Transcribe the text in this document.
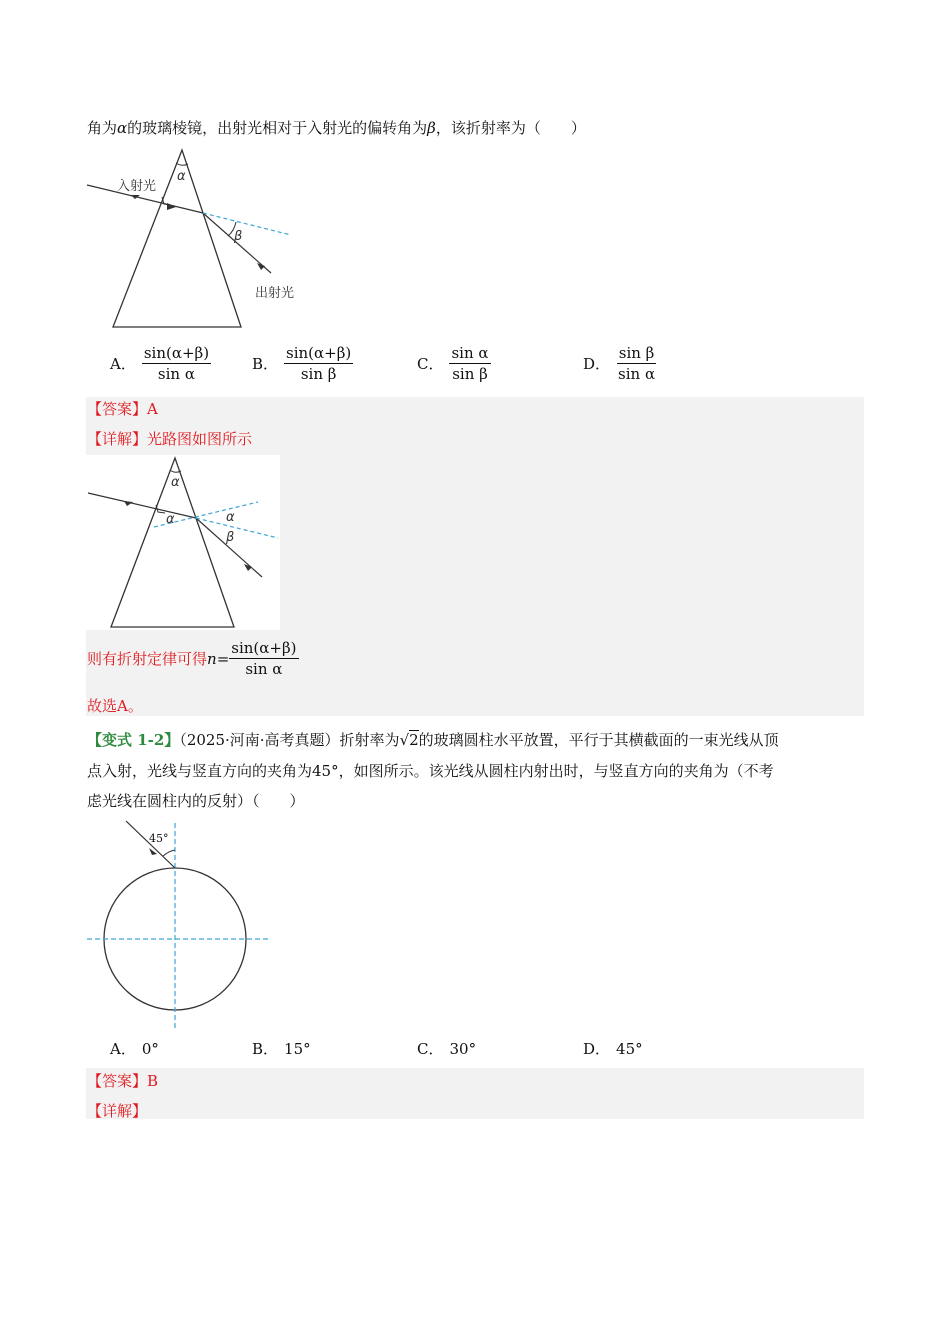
角为α的玻璃棱镜，出射光相对于入射光的偏转角为β，该折射率为（　　）
α
β
入射光
出射光
A． $\frac{\sin(\alpha+\beta)}{\text{sin α}}$	B． $\frac{\sin(\alpha+\beta)}{\text{sin β}}$	C． $\frac{\text{sin α}}{\text{sin β}}$	D． $\frac{\text{sin β}}{\text{sin α}}$
【答案】A
【详解】光路图如图所示
α
α	α
β
则有折射定律可得 $n = \frac{\sin(\alpha+\beta)}{\text{sin α}}$
故选A。
【变式 1-2】（2025·河南·高考真题）折射率为√2的玻璃圆柱水平放置，平行于其横截面的一束光线从顶
点入射，光线与竖直方向的夹角为45°，如图所示。该光线从圆柱内射出时，与竖直方向的夹角为（不考
虑光线在圆柱内的反射）（　　）
45°
A． 0°	B． 15°	C． 30°	D． 45°
【答案】B
【详解】
